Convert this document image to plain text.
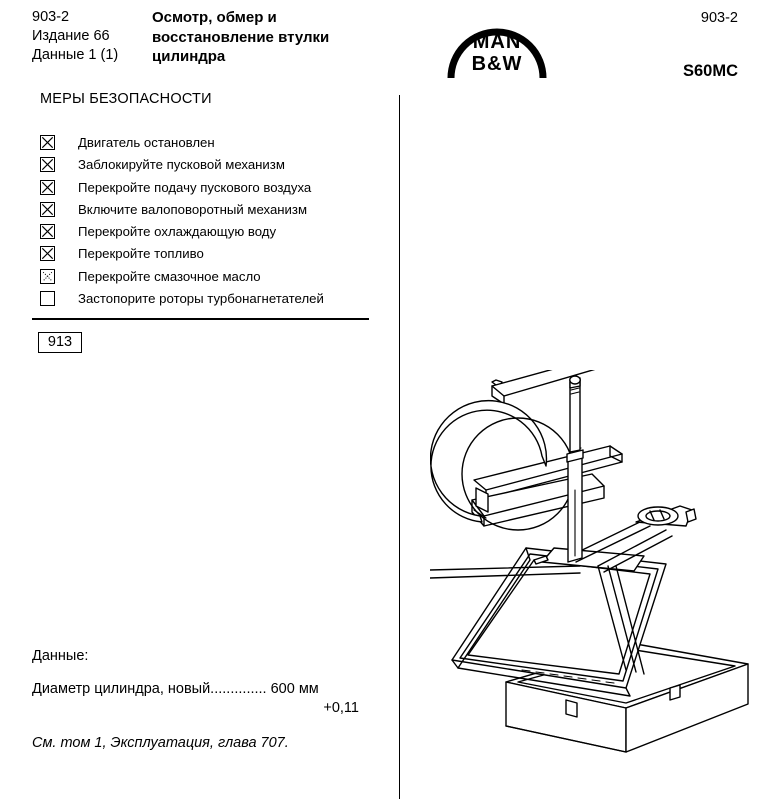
903-2
Издание 66
Данные 1 (1)
Осмотр, обмер и восстановление втулки цилиндра
MAN
B&W
903-2
S60MC
МЕРЫ БЕЗОПАСНОСТИ
Двигатель остановлен
Заблокируйте пусковой механизм
Перекройте подачу пускового воздуха
Включите валоповоротный механизм
Перекройте охлаждающую воду
Перекройте топливо
Перекройте смазочное масло
Застопорите роторы турбонагнетателей
913
Данные:
Диаметр цилиндра, новый.............. 600 мм
+0,11
См. том 1, Эксплуатация, глава 707.
